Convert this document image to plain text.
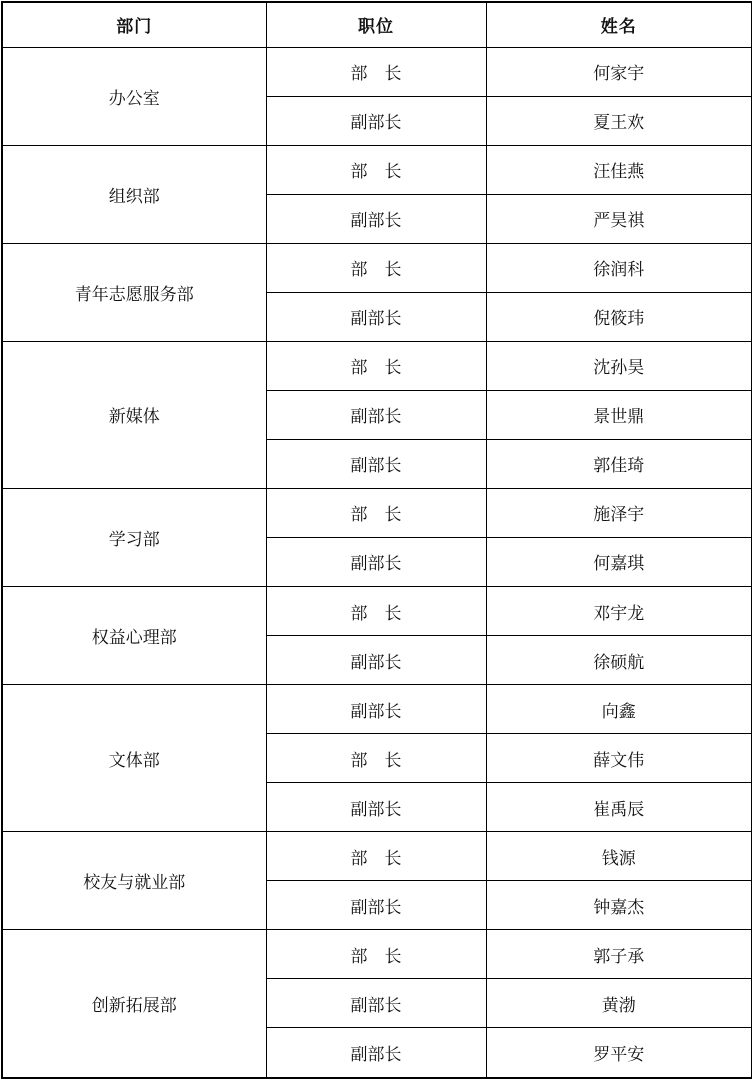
部门	职位	姓名
办公室	部　长	何家宇
	副部长	夏王欢
组织部	部　长	汪佳燕
	副部长	严昊祺
青年志愿服务部	部　长	徐润科
	副部长	倪筱玮
新媒体	部　长	沈孙昊
	副部长	景世鼎
	副部长	郭佳琦
学习部	部　长	施泽宇
	副部长	何嘉琪
权益心理部	部　长	邓宇龙
	副部长	徐硕航
文体部	副部长	向鑫
	部　长	薛文伟
	副部长	崔禹辰
校友与就业部	部　长	钱源
	副部长	钟嘉杰
创新拓展部	部　长	郭子承
	副部长	黄渤
	副部长	罗平安
